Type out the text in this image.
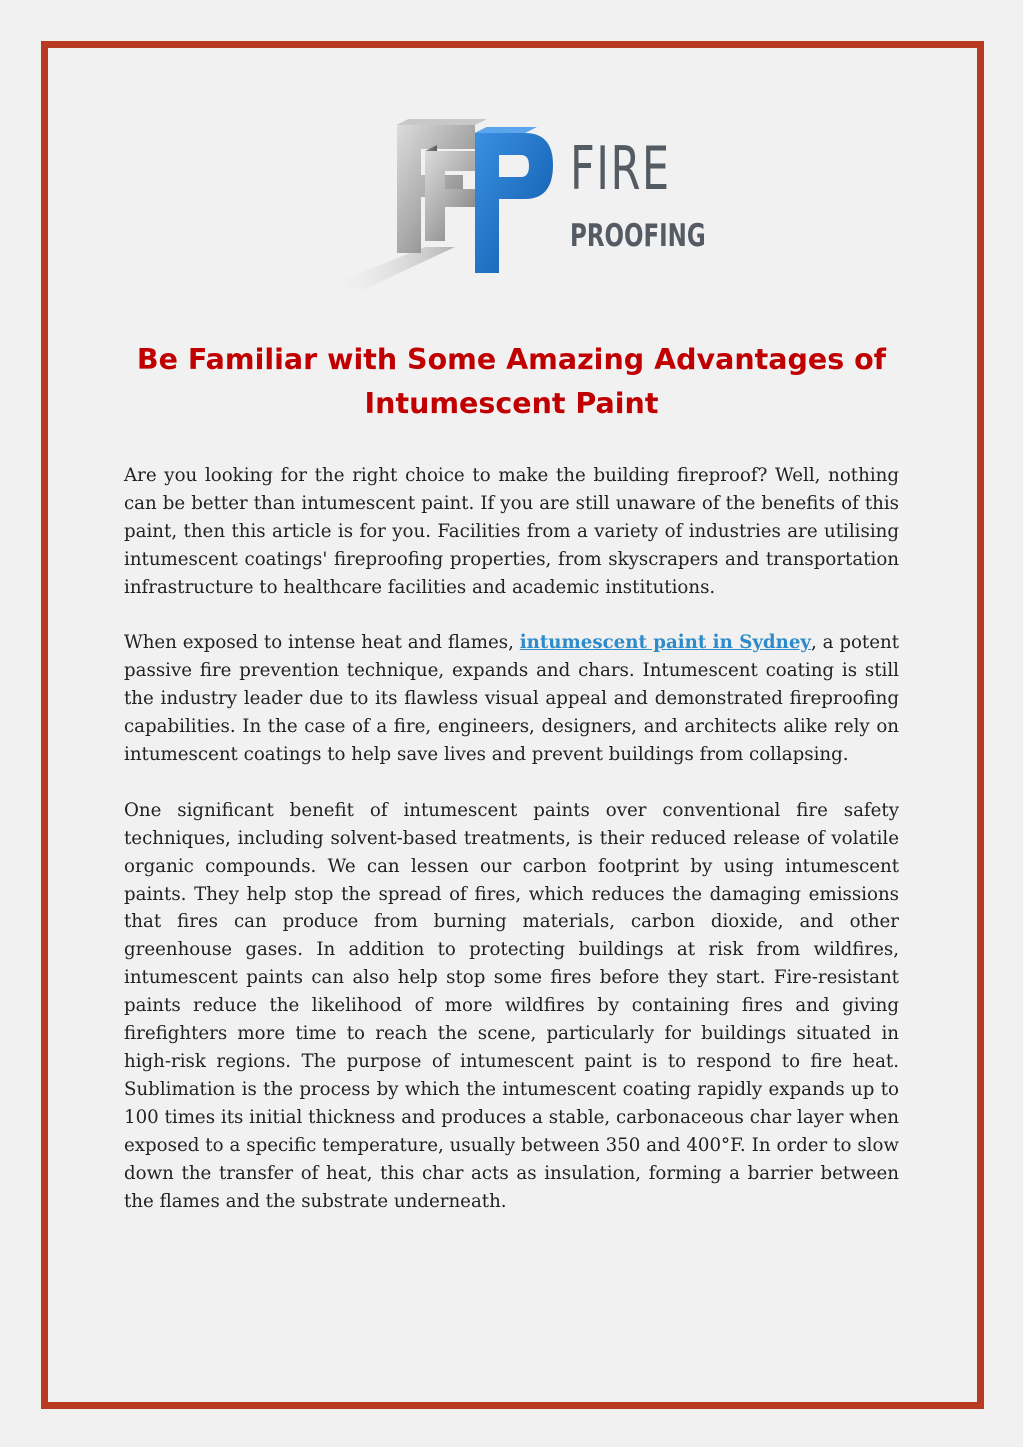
FIRE
PROOFING
Be Familiar with Some Amazing Advantages of Intumescent Paint

Are you looking for the right choice to make the building fireproof? Well, nothing can be better than intumescent paint. If you are still unaware of the benefits of this paint, then this article is for you. Facilities from a variety of industries are utilising intumescent coatings' fireproofing properties, from skyscrapers and transportation infrastructure to healthcare facilities and academic institutions.

When exposed to intense heat and flames, intumescent paint in Sydney, a potent passive fire prevention technique, expands and chars. Intumescent coating is still the industry leader due to its flawless visual appeal and demonstrated fireproofing capabilities. In the case of a fire, engineers, designers, and architects alike rely on intumescent coatings to help save lives and prevent buildings from collapsing.

One significant benefit of intumescent paints over conventional fire safety techniques, including solvent-based treatments, is their reduced release of volatile organic compounds. We can lessen our carbon footprint by using intumescent paints. They help stop the spread of fires, which reduces the damaging emissions that fires can produce from burning materials, carbon dioxide, and other greenhouse gases. In addition to protecting buildings at risk from wildfires, intumescent paints can also help stop some fires before they start. Fire-resistant paints reduce the likelihood of more wildfires by containing fires and giving firefighters more time to reach the scene, particularly for buildings situated in high-risk regions. The purpose of intumescent paint is to respond to fire heat. Sublimation is the process by which the intumescent coating rapidly expands up to 100 times its initial thickness and produces a stable, carbonaceous char layer when exposed to a specific temperature, usually between 350 and 400°F. In order to slow down the transfer of heat, this char acts as insulation, forming a barrier between the flames and the substrate underneath.
